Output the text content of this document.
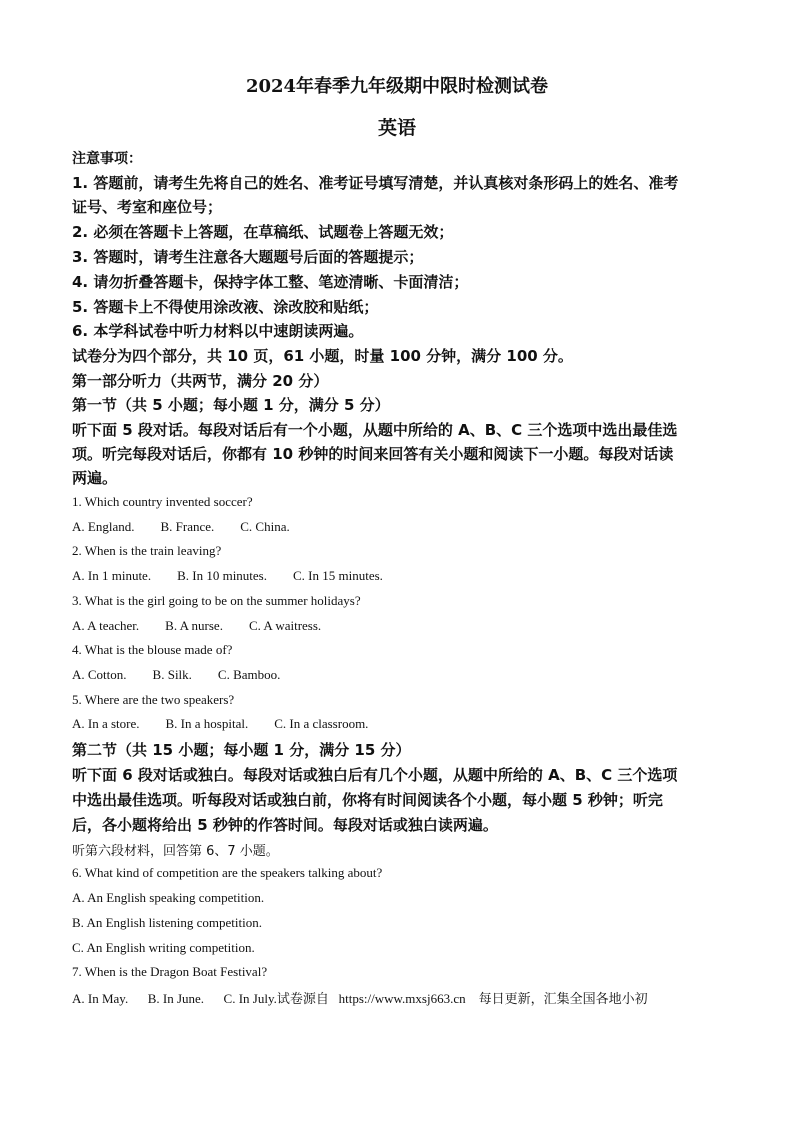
2024年春季九年级期中限时检测试卷
英语
注意事项：
1. 答题前，请考生先将自己的姓名、准考证号填写清楚，并认真核对条形码上的姓名、准考
证号、考室和座位号；
2. 必须在答题卡上答题，在草稿纸、试题卷上答题无效；
3. 答题时，请考生注意各大题题号后面的答题提示；
4. 请勿折叠答题卡，保持字体工整、笔迹清晰、卡面清洁；
5. 答题卡上不得使用涂改液、涂改胶和贴纸；
6. 本学科试卷中听力材料以中速朗读两遍。
试卷分为四个部分，共 10 页，61 小题，时量 100 分钟，满分 100 分。
第一部分听力（共两节，满分 20 分）
第一节（共 5 小题；每小题 1 分，满分 5 分）
听下面 5 段对话。每段对话后有一个小题，从题中所给的 A、B、C 三个选项中选出最佳选
项。听完每段对话后，你都有 10 秒钟的时间来回答有关小题和阅读下一小题。每段对话读
两遍。
1. Which country invented soccer?
A. England. B. France. C. China.
2. When is the train leaving?
A. In 1 minute. B. In 10 minutes. C. In 15 minutes.
3. What is the girl going to be on the summer holidays?
A. A teacher. B. A nurse. C. A waitress.
4. What is the blouse made of?
A. Cotton. B. Silk. C. Bamboo.
5. Where are the two speakers?
A. In a store. B. In a hospital. C. In a classroom.
第二节（共 15 小题；每小题 1 分，满分 15 分）
听下面 6 段对话或独白。每段对话或独白后有几个小题，从题中所给的 A、B、C 三个选项
中选出最佳选项。听每段对话或独白前，你将有时间阅读各个小题，每小题 5 秒钟；听完
后，各小题将给出 5 秒钟的作答时间。每段对话或独白读两遍。
听第六段材料，回答第 6、7 小题。
6. What kind of competition are the speakers talking about?
A. An English speaking competition.
B. An English listening competition.
C. An English writing competition.
7. When is the Dragon Boat Festival?
A. In May.      B. In June.      C. In July.试卷源自   https://www.mxsj663.cn    每日更新，汇集全国各地小初
